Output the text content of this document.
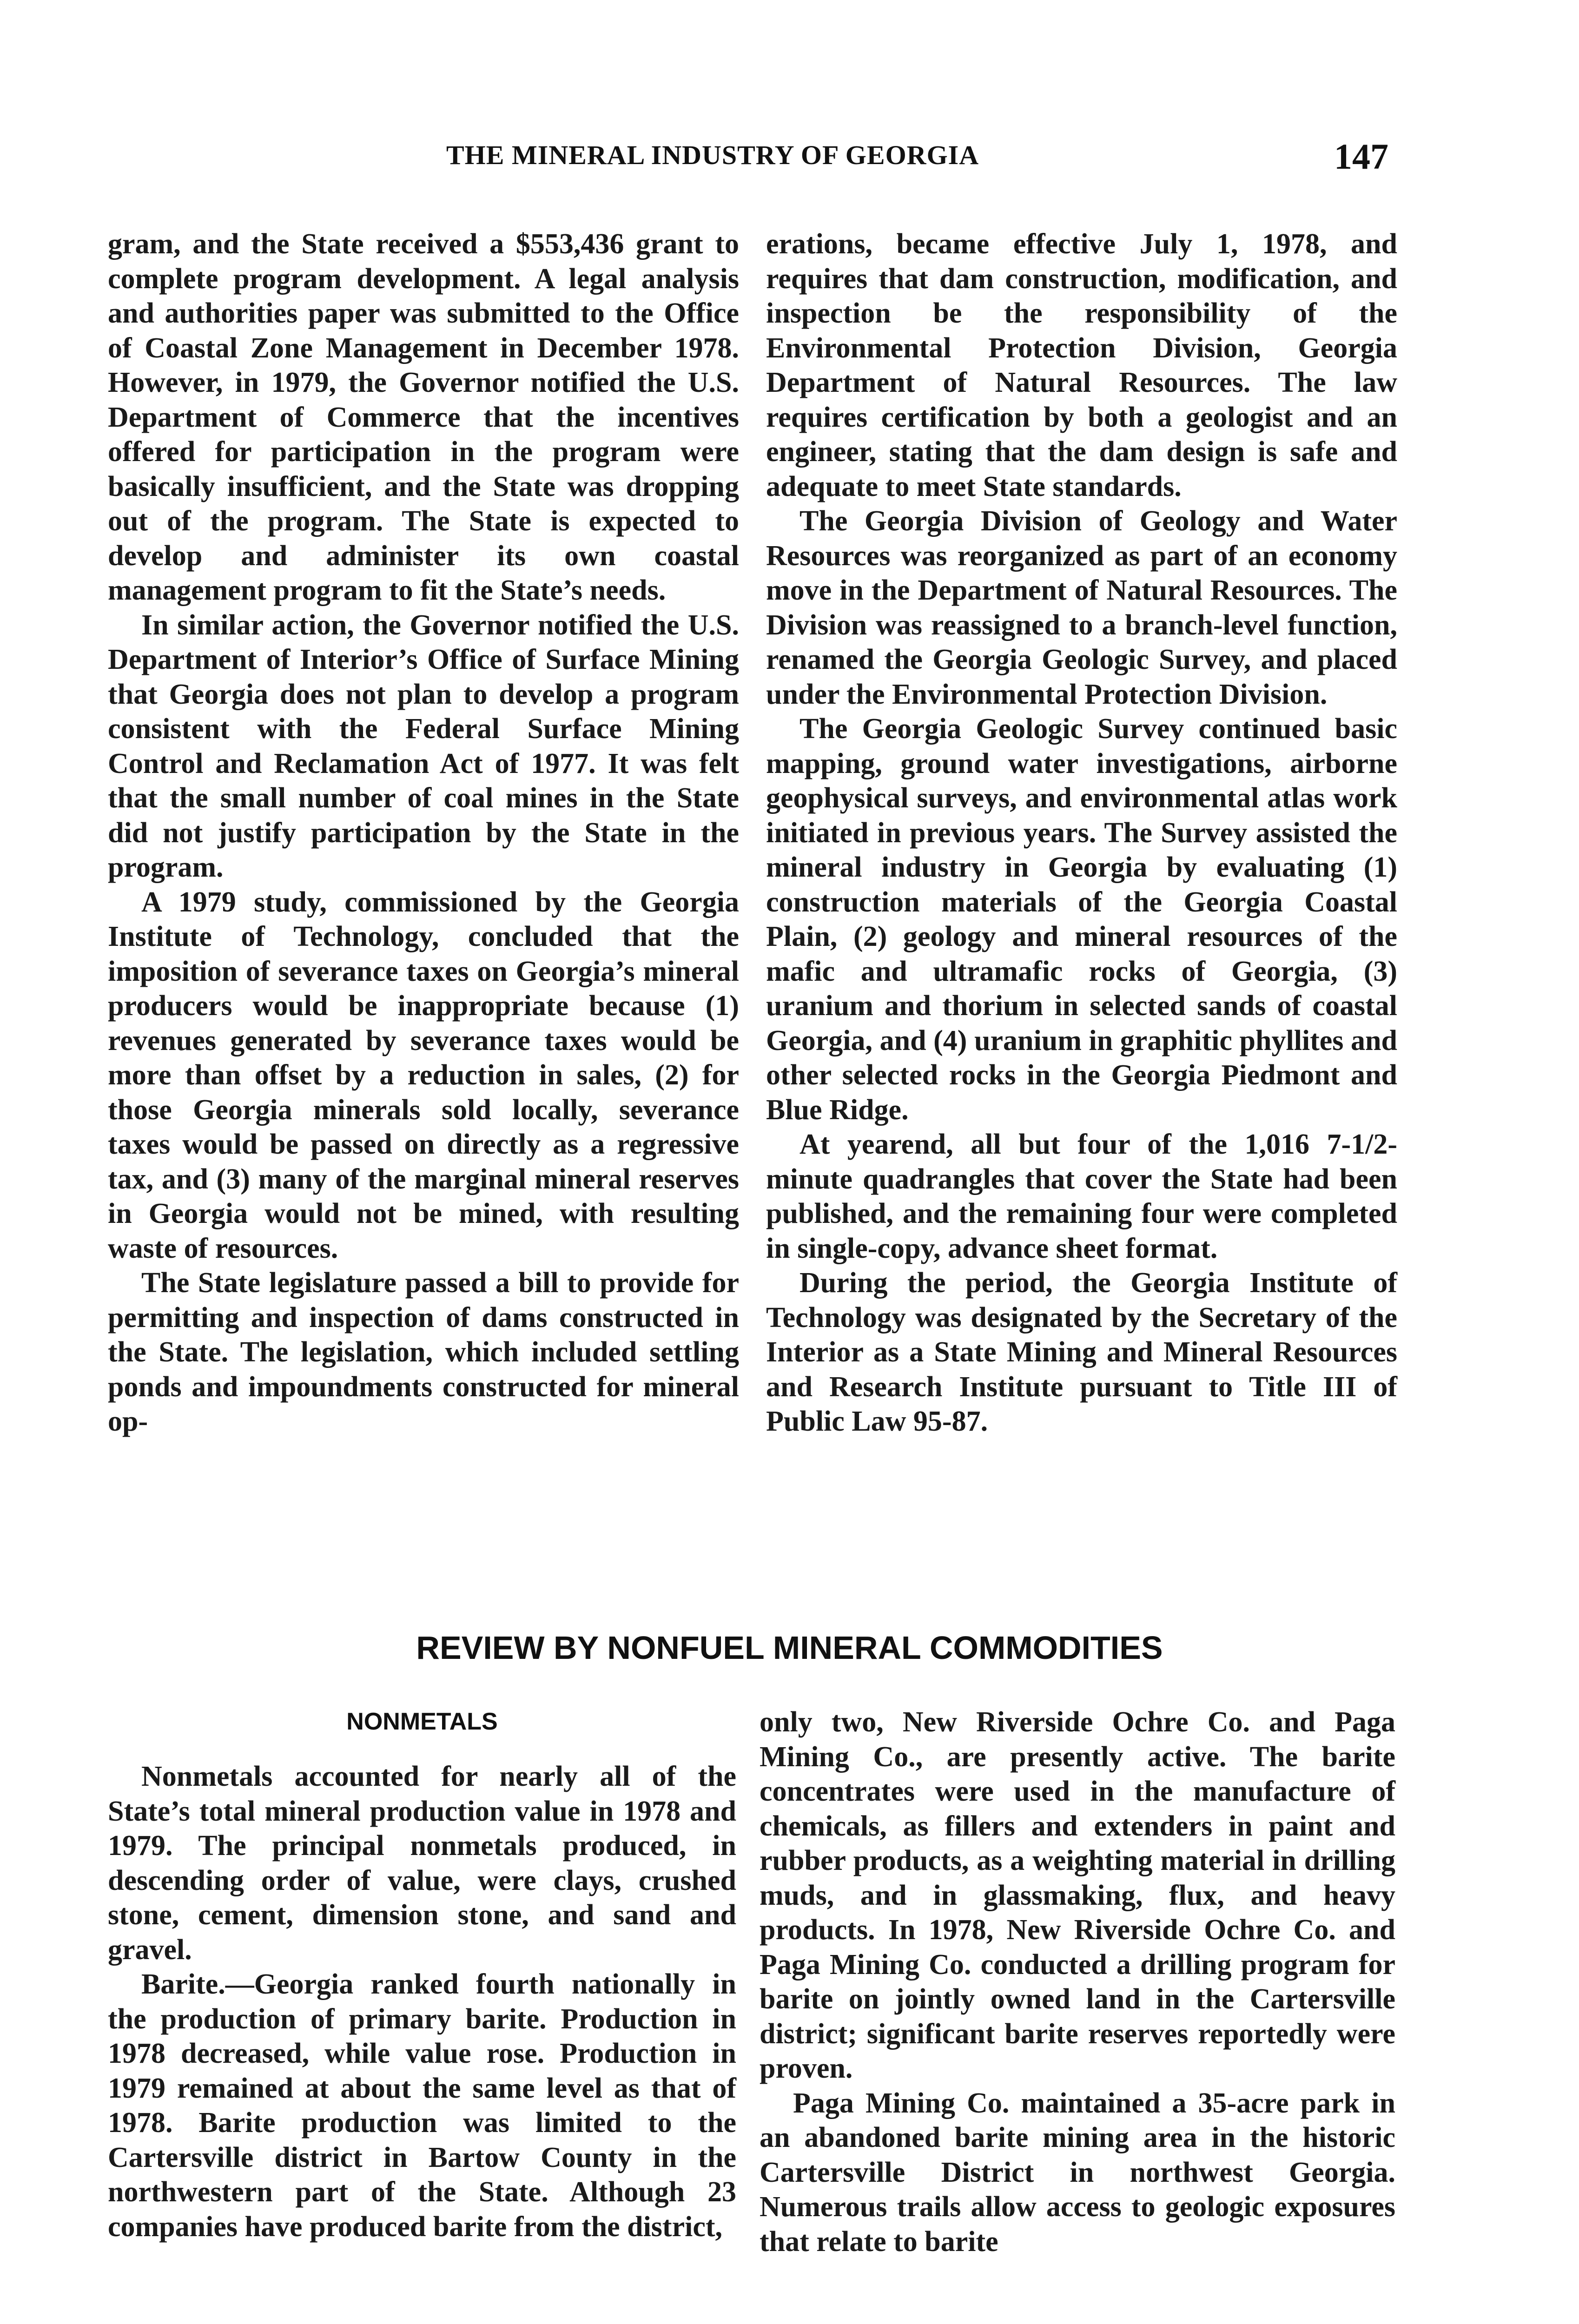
THE MINERAL INDUSTRY OF GEORGIA	147

gram, and the State received a $553,436 grant to complete program development. A legal analysis and authorities paper was submitted to the Office of Coastal Zone Management in December 1978. However, in 1979, the Governor notified the U.S. Department of Commerce that the incentives offered for participation in the program were basically insufficient, and the State was dropping out of the program. The State is expected to develop and administer its own coastal management program to fit the State’s needs.

In similar action, the Governor notified the U.S. Department of Interior’s Office of Surface Mining that Georgia does not plan to develop a program consistent with the Federal Surface Mining Control and Reclamation Act of 1977. It was felt that the small number of coal mines in the State did not justify participation by the State in the program.

A 1979 study, commissioned by the Georgia Institute of Technology, concluded that the imposition of severance taxes on Georgia’s mineral producers would be inappropriate because (1) revenues generated by severance taxes would be more than offset by a reduction in sales, (2) for those Georgia minerals sold locally, severance taxes would be passed on directly as a regressive tax, and (3) many of the marginal mineral reserves in Georgia would not be mined, with resulting waste of resources.

The State legislature passed a bill to provide for permitting and inspection of dams constructed in the State. The legislation, which included settling ponds and impoundments constructed for mineral op-

erations, became effective July 1, 1978, and requires that dam construction, modification, and inspection be the responsibility of the Environmental Protection Division, Georgia Department of Natural Resources. The law requires certification by both a geologist and an engineer, stating that the dam design is safe and adequate to meet State standards.

The Georgia Division of Geology and Water Resources was reorganized as part of an economy move in the Department of Natural Resources. The Division was reassigned to a branch-level function, renamed the Georgia Geologic Survey, and placed under the Environmental Protection Division.

The Georgia Geologic Survey continued basic mapping, ground water investigations, airborne geophysical surveys, and environmental atlas work initiated in previous years. The Survey assisted the mineral industry in Georgia by evaluating (1) construction materials of the Georgia Coastal Plain, (2) geology and mineral resources of the mafic and ultramafic rocks of Georgia, (3) uranium and thorium in selected sands of coastal Georgia, and (4) uranium in graphitic phyllites and other selected rocks in the Georgia Piedmont and Blue Ridge.

At yearend, all but four of the 1,016 7-1/2-minute quadrangles that cover the State had been published, and the remaining four were completed in single-copy, advance sheet format.

During the period, the Georgia Institute of Technology was designated by the Secretary of the Interior as a State Mining and Mineral Resources and Research Institute pursuant to Title III of Public Law 95-87.

REVIEW BY NONFUEL MINERAL COMMODITIES
NONMETALS

Nonmetals accounted for nearly all of the State’s total mineral production value in 1978 and 1979. The principal nonmetals produced, in descending order of value, were clays, crushed stone, cement, dimension stone, and sand and gravel.

Barite.—Georgia ranked fourth nationally in the production of primary barite. Production in 1978 decreased, while value rose. Production in 1979 remained at about the same level as that of 1978. Barite production was limited to the Cartersville district in Bartow County in the northwestern part of the State. Although 23 companies have produced barite from the district,

only two, New Riverside Ochre Co. and Paga Mining Co., are presently active. The barite concentrates were used in the manufacture of chemicals, as fillers and extenders in paint and rubber products, as a weighting material in drilling muds, and in glassmaking, flux, and heavy products. In 1978, New Riverside Ochre Co. and Paga Mining Co. conducted a drilling program for barite on jointly owned land in the Cartersville district; significant barite reserves reportedly were proven.

Paga Mining Co. maintained a 35-acre park in an abandoned barite mining area in the historic Cartersville District in northwest Georgia. Numerous trails allow access to geologic exposures that relate to barite
